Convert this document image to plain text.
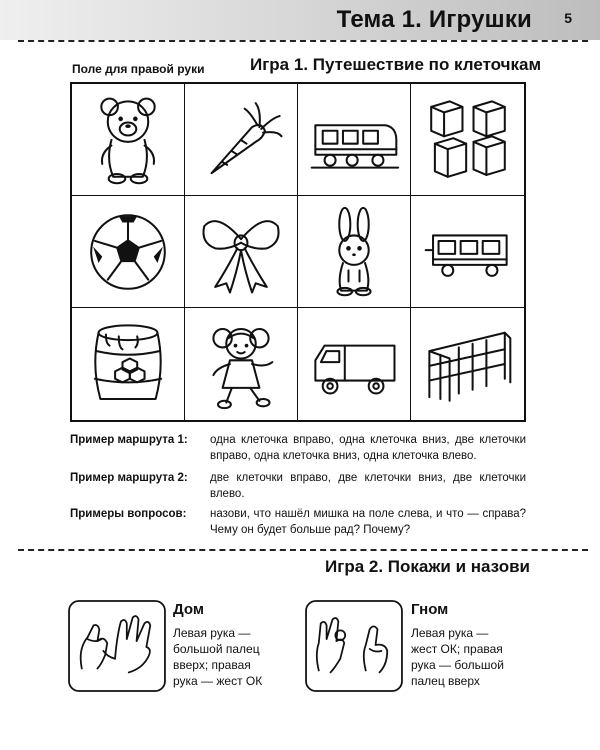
Тема 1. Игрушки 5
Поле для правой руки	Игра 1. Путешествие по клеточкам
Пример маршрута 1: одна клеточка вправо, одна клеточка вниз, две клеточки вправо, одна клеточка вниз, одна клеточка влево.
Пример маршрута 2: две клеточки вправо, две клеточки вниз, две клеточки влево.
Примеры вопросов: назови, что нашёл мишка на поле слева, и что — справа? Чему он будет больше рад? Почему?
Игра 2. Покажи и назови
Дом
Левая рука —
большой палец
вверх; правая
рука — жест ОК
Гном
Левая рука —
жест ОК; правая
рука — большой
палец вверх
